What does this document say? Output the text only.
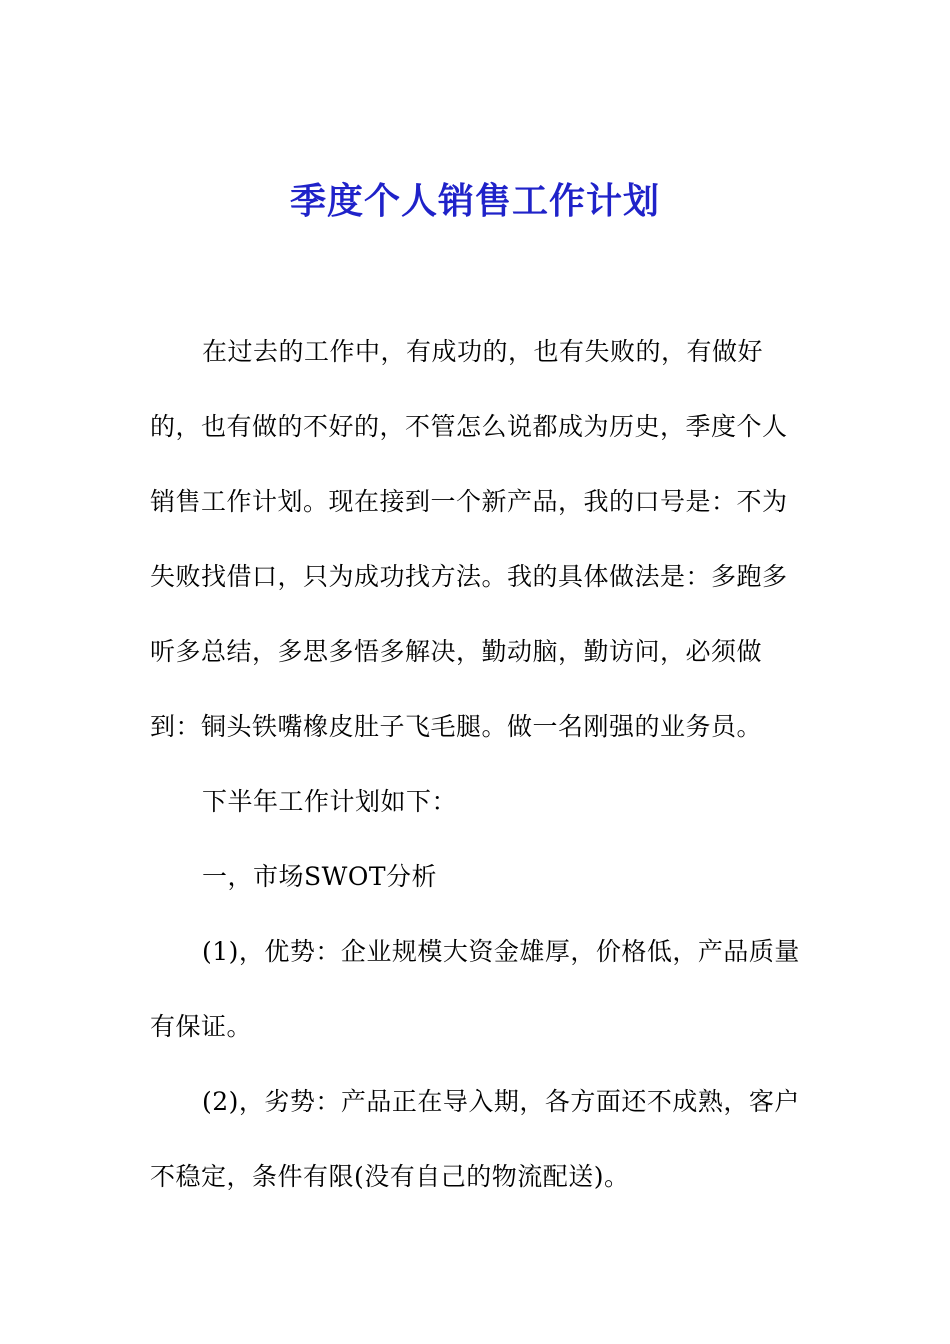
季度个人销售工作计划
在过去的工作中，有成功的，也有失败的，有做好
的，也有做的不好的，不管怎么说都成为历史，季度个人
销售工作计划。现在接到一个新产品，我的口号是：不为
失败找借口，只为成功找方法。我的具体做法是：多跑多
听多总结，多思多悟多解决，勤动脑，勤访问，必须做
到：铜头铁嘴橡皮肚子飞毛腿。做一名刚强的业务员。
下半年工作计划如下：
一，市场SWOT分析
(1)，优势：企业规模大资金雄厚，价格低，产品质量
有保证。
(2)，劣势：产品正在导入期，各方面还不成熟，客户
不稳定，条件有限(没有自己的物流配送)。
